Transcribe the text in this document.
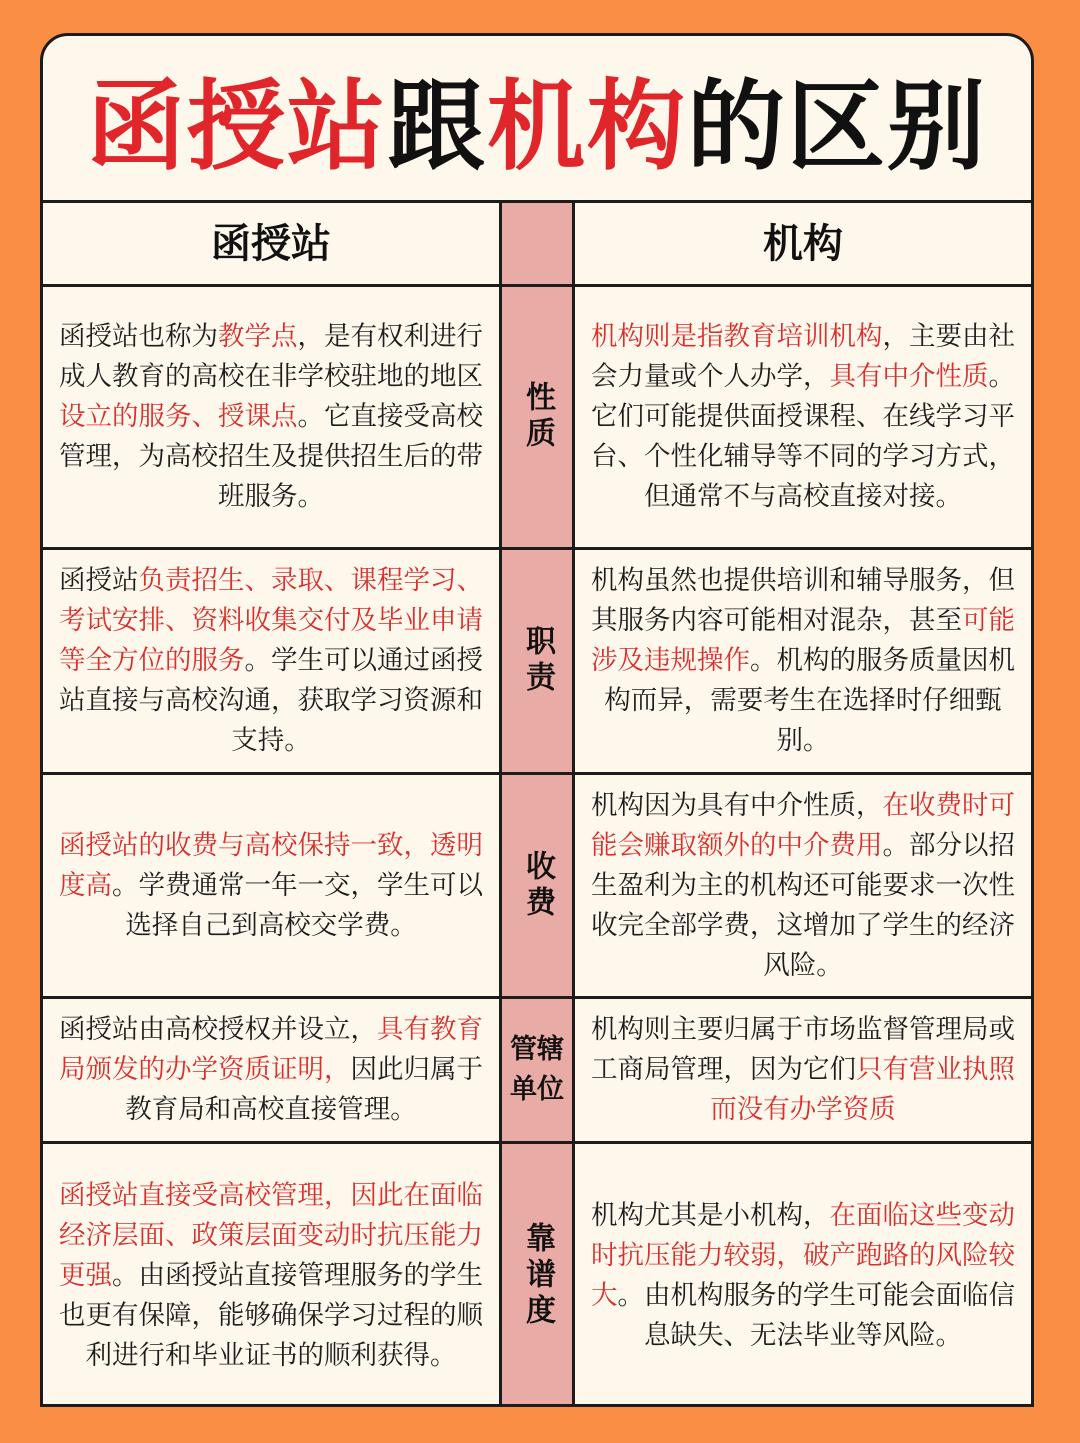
函授站 跟 机构 的区别
函授站	机构
函授站也称为教学点，是有权利进行成人教育的高校在非学校驻地的地区设立的服务、授课点。它直接受高校管理，为高校招生及提供招生后的带班服务。
性质
机构则是指教育培训机构，主要由社会力量或个人办学，具有中介性质。它们可能提供面授课程、在线学习平台、个性化辅导等不同的学习方式，但通常不与高校直接对接。
函授站负责招生、录取、课程学习、考试安排、资料收集交付及毕业申请等全方位的服务。学生可以通过函授站直接与高校沟通，获取学习资源和支持。
职责
机构虽然也提供培训和辅导服务，但其服务内容可能相对混杂，甚至可能涉及违规操作。机构的服务质量因机构而异，需要考生在选择时仔细甄别。
函授站的收费与高校保持一致，透明度高。学费通常一年一交，学生可以选择自己到高校交学费。
收费
机构因为具有中介性质，在收费时可能会赚取额外的中介费用。部分以招生盈利为主的机构还可能要求一次性收完全部学费，这增加了学生的经济风险。
函授站由高校授权并设立，具有教育局颁发的办学资质证明，因此归属于教育局和高校直接管理。
管辖单位
机构则主要归属于市场监督管理局或工商局管理，因为它们只有营业执照而没有办学资质
函授站直接受高校管理，因此在面临经济层面、政策层面变动时抗压能力更强。由函授站直接管理服务的学生也更有保障，能够确保学习过程的顺利进行和毕业证书的顺利获得。
靠谱度
机构尤其是小机构，在面临这些变动时抗压能力较弱，破产跑路的风险较大。由机构服务的学生可能会面临信息缺失、无法毕业等风险。
